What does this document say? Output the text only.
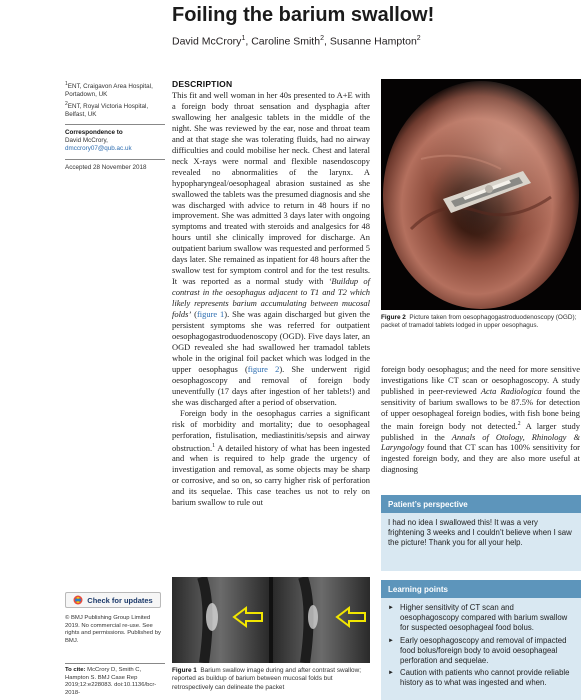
Foiling the barium swallow!
David McCrory$^1$, Caroline Smith$^2$, Susanne Hampton$^2$
$^1$ENT, Craigavon Area Hospital, Portadown, UK
$^2$ENT, Royal Victoria Hospital, Belfast, UK
Correspondence to
David McCrory,
dmccrory07@qub.ac.uk
Accepted 28 November 2018
DESCRIPTION

This fit and well woman in her 40s presented to A+E with a foreign body throat sensation and dysphagia after swallowing her analgesic tablets in the middle of the night. She was reviewed by the ear, nose and throat team and at that stage she was tolerating fluids, had no airway difficulties and could mobilise her neck. Chest and lateral neck X-rays were normal and flexible nasendoscopy revealed no abnormalities of the larynx. A hypopharyngeal/oesophageal abrasion sustained as she swallowed the tablets was the presumed diagnosis and she was discharged with advice to return in 48 hours if no improvement. She was admitted 3 days later with ongoing symptoms and treated with steroids and analgesics for 48 hours until she clinically improved for discharge. An outpatient barium swallow was requested and performed 5 days later. She remained as inpatient for 48 hours after the swallow test for symptom control and for the test results. It was reported as a normal study with ‘Buildup of contrast in the oesophagus adjacent to T1 and T2 which likely represents barium accumulating between mucosal folds’ (figure 1). She was again discharged but given the persistent symptoms she was referred for outpatient oesophagogastroduodenoscopy (OGD). Five days later, an OGD revealed she had swallowed her tramadol tablets whole in the original foil packet which was lodged in the upper oesophagus (figure 2). She underwent rigid oesophagoscopy and removal of foreign body uneventfully (17 days after ingestion of her tablets!) and she was discharged after a period of observation.

Foreign body in the oesophagus carries a significant risk of morbidity and mortality; due to oesophageal perforation, fistulisation, mediastinitis/sepsis and airway obstruction.$^1$ A detailed history of what has been ingested and when is required to help grade the urgency of investigation and removal, as some objects may be sharp or corrosive, and so on, so carry higher risk of perforation and its sequelae. This case teaches us not to rely on barium swallow to rule out

Figure 2 Picture taken from oesophagogastroduodenoscopy (OGD); packet of tramadol tablets lodged in upper oesophagus.

foreign body oesophagus; and the need for more sensitive investigations like CT scan or oesophagoscopy. A study published in peer-reviewed Acta Radiologica found the sensitivity of barium swallows to be 87.5% for detection of upper oesophageal foreign bodies, with fish bone being the main foreign body not detected.$^2$ A larger study published in the Annals of Otology, Rhinology & Laryngology found that CT scan has 100% sensitivity for ingested foreign body, and they are also more useful at diagnosing

Patient’s perspective
I had no idea I swallowed this! It was a very frightening 3 weeks and I couldn’t believe when I saw the picture! Thank you for all your help.
Learning points
► Higher sensitivity of CT scan and oesophagoscopy compared with barium swallow for suspected oesophageal food bolus.
► Early oesophagoscopy and removal of impacted food bolus/foreign body to avoid oesophageal perforation and sequelae.
► Caution with patients who cannot provide reliable history as to what was ingested and when.
Figure 1 Barium swallow image during and after contrast swallow; reported as buildup of barium between mucosal folds but retrospectively can delineate the packet
Check for updates
© BMJ Publishing Group Limited 2019. No commercial re-use. See rights and permissions. Published by BMJ.
To cite: McCrory D, Smith C, Hampton S. BMJ Case Rep 2019;12:e228083. doi:10.1136/bcr-2018-
